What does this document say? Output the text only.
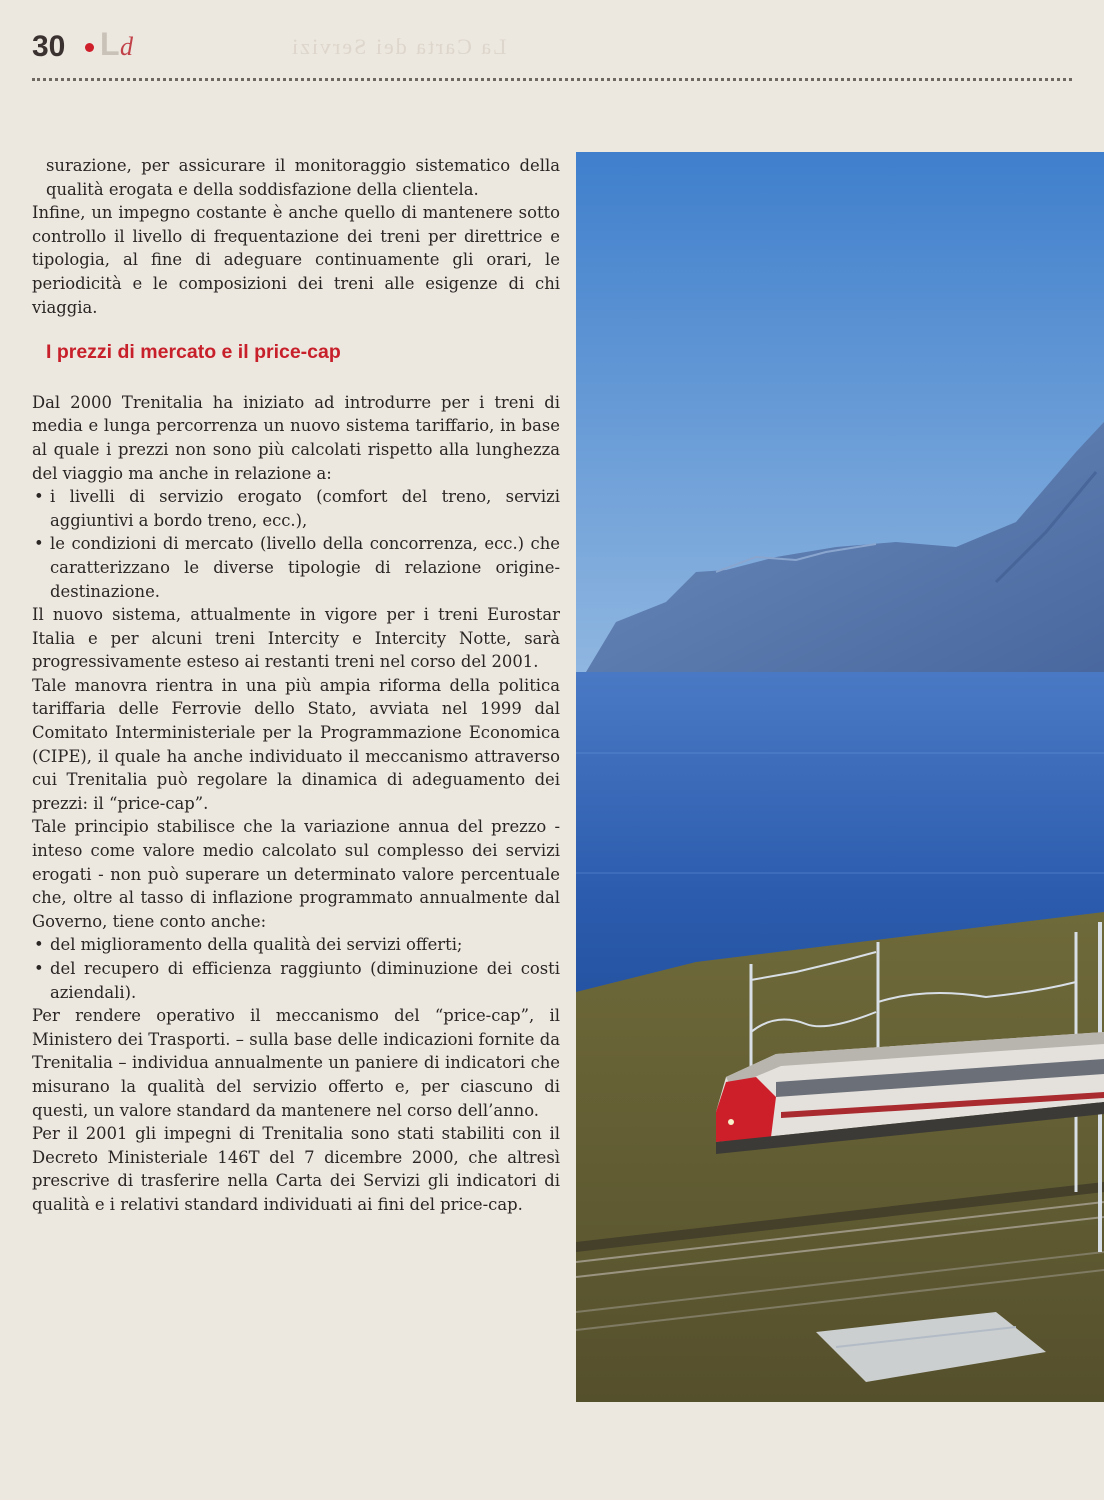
30 L d	La Carta dei Servizi

surazione, per assicurare il monitoraggio sistematico della qualità erogata e della soddisfazione della clientela.

Infine, un impegno costante è anche quello di mantenere sotto controllo il livello di frequentazione dei treni per direttrice e tipologia, al fine di adeguare continuamente gli orari, le periodicità e le composizioni dei treni alle esigenze di chi viaggia.

I prezzi di mercato e il price-cap

Dal 2000 Trenitalia ha iniziato ad introdurre per i treni di media e lunga percorrenza un nuovo sistema tariffario, in base al quale i prezzi non sono più calcolati rispetto alla lunghezza del viaggio ma anche in relazione a:

• i livelli di servizio erogato (comfort del treno, servizi aggiuntivi a bordo treno, ecc.),
• le condizioni di mercato (livello della concorrenza, ecc.) che caratterizzano le diverse tipologie di relazione origine-destinazione.

Il nuovo sistema, attualmente in vigore per i treni Eurostar Italia e per alcuni treni Intercity e Intercity Notte, sarà progressivamente esteso ai restanti treni nel corso del 2001.

Tale manovra rientra in una più ampia riforma della politica tariffaria delle Ferrovie dello Stato, avviata nel 1999 dal Comitato Interministeriale per la Programmazione Economica (CIPE), il quale ha anche individuato il meccanismo attraverso cui Trenitalia può regolare la dinamica di adeguamento dei prezzi: il “price-cap”.

Tale principio stabilisce che la variazione annua del prezzo - inteso come valore medio calcolato sul complesso dei servizi erogati - non può superare un determinato valore percentuale che, oltre al tasso di inflazione programmato annualmente dal Governo, tiene conto anche:

• del miglioramento della qualità dei servizi offerti;
• del recupero di efficienza raggiunto (diminuzione dei costi aziendali).

Per rendere operativo il meccanismo del “price-cap”, il Ministero dei Trasporti. – sulla base delle indicazioni fornite da Trenitalia – individua annualmente un paniere di indicatori che misurano la qualità del servizio offerto e, per ciascuno di questi, un valore standard da mantenere nel corso dell’anno.

Per il 2001 gli impegni di Trenitalia sono stati stabiliti con il Decreto Ministeriale 146T del 7 dicembre 2000, che altresì prescrive di trasferire nella Carta dei Servizi gli indicatori di qualità e i relativi standard individuati ai fini del price-cap.
